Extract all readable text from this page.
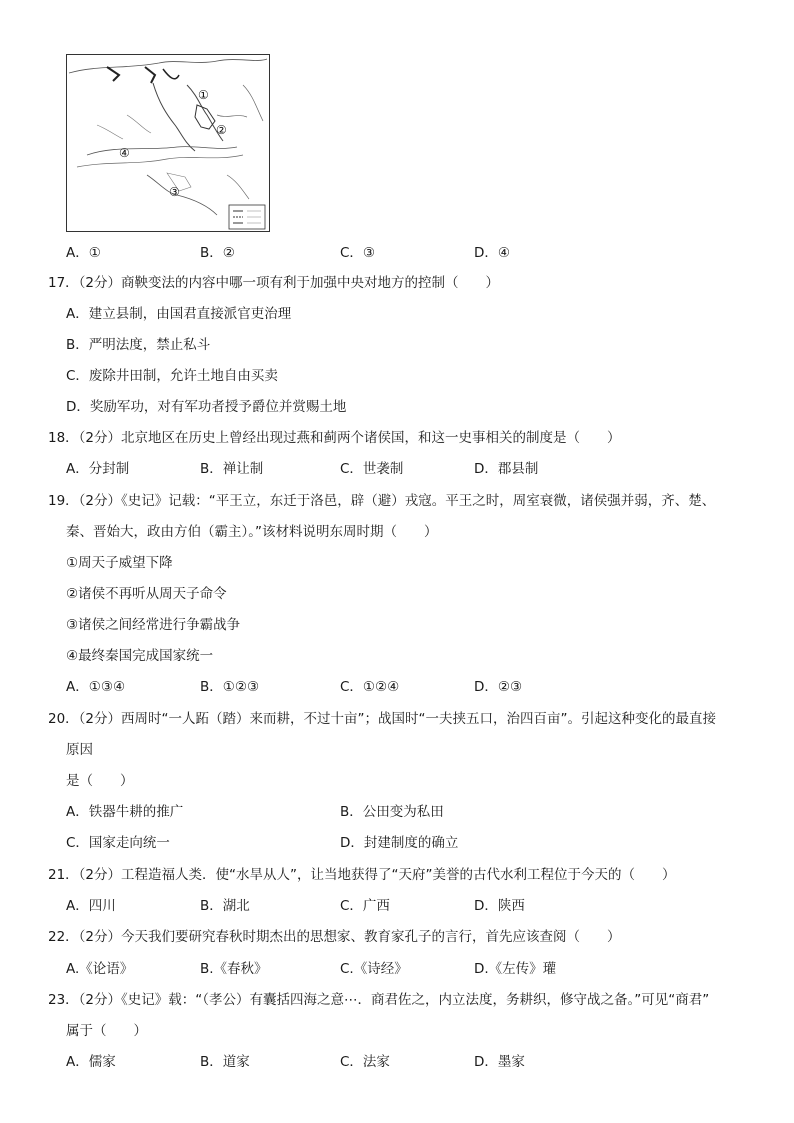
①
②
③
④
A．①	B．②	C．③	D．④
17．（2分）商鞅变法的内容中哪一项有利于加强中央对地方的控制（　　）
A．建立县制，由国君直接派官吏治理
B．严明法度，禁止私斗
C．废除井田制，允许土地自由买卖
D．奖励军功，对有军功者授予爵位并赏赐土地
18．（2分）北京地区在历史上曾经出现过燕和蓟两个诸侯国，和这一史事相关的制度是（　　）
A．分封制	B．禅让制	C．世袭制	D．郡县制
19．（2分）《史记》记载：“平王立，东迁于洛邑，辟（避）戎寇。平王之时，周室衰微，诸侯强并弱，齐、楚、
秦、晋始大，政由方伯（霸主）。”该材料说明东周时期（　　）
①周天子威望下降
②诸侯不再听从周天子命令
③诸侯之间经常进行争霸战争
④最终秦国完成国家统一
A．①③④	B．①②③	C．①②④	D．②③
20．（2分）西周时“一人跖（踏）来而耕，不过十亩”；战国时“一夫挟五口，治四百亩”。引起这种变化的最直接
原因
是（　　）
A．铁器牛耕的推广	B．公田变为私田
C．国家走向统一	D．封建制度的确立
21．（2分）工程造福人类．使“水旱从人”，让当地获得了“天府”美誉的古代水利工程位于今天的（　　）
A．四川	B．湖北	C．广西	D．陕西
22．（2分）今天我们要研究春秋时期杰出的思想家、教育家孔子的言行，首先应该查阅（　　）
A.《论语》	B.《春秋》	C.《诗经》	D.《左传》瓘
23．（2分）《史记》载：“（孝公）有囊括四海之意⋯．商君佐之，内立法度，务耕织，修守战之备。”可见“商君”
属于（　　）
A．儒家	B．道家	C．法家	D．墨家
